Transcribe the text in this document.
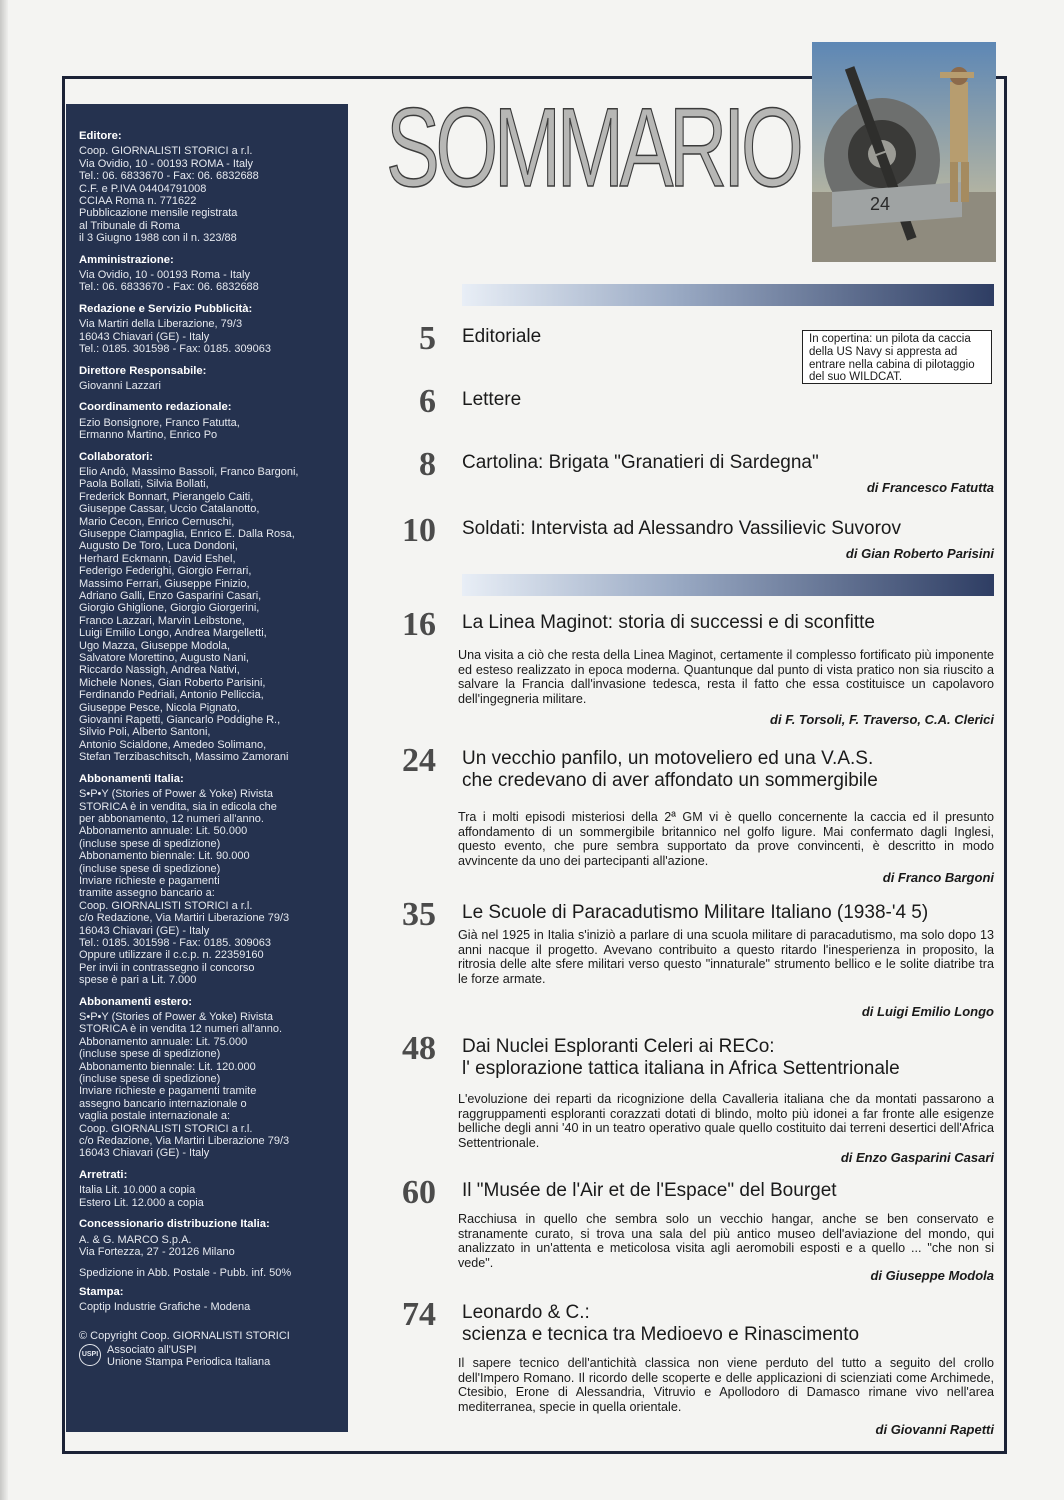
Editore:
Coop. GIORNALISTI STORICI a r.l.
Via Ovidio, 10 - 00193 ROMA - Italy
Tel.: 06. 6833670 - Fax: 06. 6832688
C.F. e P.IVA 04404791008
CCIAA Roma n. 771622
Pubblicazione mensile registrata
al Tribunale di Roma
il 3 Giugno 1988 con il n. 323/88
Amministrazione:
Via Ovidio, 10 - 00193 Roma - Italy
Tel.: 06. 6833670 - Fax: 06. 6832688
Redazione e Servizio Pubblicità:
Via Martiri della Liberazione, 79/3
16043 Chiavari (GE) - Italy
Tel.: 0185. 301598 - Fax: 0185. 309063
Direttore Responsabile:
Giovanni Lazzari
Coordinamento redazionale:
Ezio Bonsignore, Franco Fatutta,
Ermanno Martino, Enrico Po
Collaboratori:
Elio Andò, Massimo Bassoli, Franco Bargoni,
Paola Bollati, Silvia Bollati,
Frederick Bonnart, Pierangelo Caiti,
Giuseppe Cassar, Uccio Catalanotto,
Mario Cecon, Enrico Cernuschi,
Giuseppe Ciampaglia, Enrico E. Dalla Rosa,
Augusto De Toro, Luca Dondoni,
Herhard Eckmann, David Eshel,
Federigo Federighi, Giorgio Ferrari,
Massimo Ferrari, Giuseppe Finizio,
Adriano Galli, Enzo Gasparini Casari,
Giorgio Ghiglione, Giorgio Giorgerini,
Franco Lazzari, Marvin Leibstone,
Luigi Emilio Longo, Andrea Margelletti,
Ugo Mazza, Giuseppe Modola,
Salvatore Morettino, Augusto Nani,
Riccardo Nassigh, Andrea Nativi,
Michele Nones, Gian Roberto Parisini,
Ferdinando Pedriali, Antonio Pelliccia,
Giuseppe Pesce, Nicola Pignato,
Giovanni Rapetti, Giancarlo Poddighe R.,
Silvio Poli, Alberto Santoni,
Antonio Scialdone, Amedeo Solimano,
Stefan Terzibaschitsch, Massimo Zamorani
Abbonamenti Italia:
S•P•Y (Stories of Power & Yoke) Rivista
STORICA è in vendita, sia in edicola che
per abbonamento, 12 numeri all'anno.
Abbonamento annuale: Lit. 50.000
(incluse spese di spedizione)
Abbonamento biennale: Lit. 90.000
(incluse spese di spedizione)
Inviare richieste e pagamenti
tramite assegno bancario a:
Coop. GIORNALISTI STORICI a r.l.
c/o Redazione, Via Martiri Liberazione 79/3
16043 Chiavari (GE) - Italy
Tel.: 0185. 301598 - Fax: 0185. 309063
Oppure utilizzare il c.c.p. n. 22359160
Per invii in contrassegno il concorso
spese è pari a Lit. 7.000
Abbonamenti estero:
S•P•Y (Stories of Power & Yoke) Rivista
STORICA è in vendita 12 numeri all'anno.
Abbonamento annuale: Lit. 75.000
(incluse spese di spedizione)
Abbonamento biennale: Lit. 120.000
(incluse spese di spedizione)
Inviare richieste e pagamenti tramite
assegno bancario internazionale o
vaglia postale internazionale a:
Coop. GIORNALISTI STORICI a r.l.
c/o Redazione, Via Martiri Liberazione 79/3
16043 Chiavari (GE) - Italy
Arretrati:
Italia Lit. 10.000 a copia
Estero Lit. 12.000 a copia
Concessionario distribuzione Italia:
A. & G. MARCO S.p.A.
Via Fortezza, 27 - 20126 Milano
Spedizione in Abb. Postale - Pubb. inf. 50%
Stampa:
Coptip Industrie Grafiche - Modena
© Copyright Coop. GIORNALISTI STORICI
USPI Associato all'USPI
Unione Stampa Periodica Italiana
SOMMARIO	24
In copertina: un pilota da caccia della US Navy si appresta ad entrare nella cabina di pilotaggio del suo WILDCAT.
5 Editoriale
6 Lettere
8 Cartolina: Brigata "Granatieri di Sardegna"
di Francesco Fatutta
10 Soldati: Intervista ad Alessandro Vassilievic Suvorov
di Gian Roberto Parisini
16 La Linea Maginot: storia di successi e di sconfitte
Una visita a ciò che resta della Linea Maginot, certamente il complesso fortificato più imponente ed esteso realizzato in epoca moderna. Quantunque dal punto di vista pratico non sia riuscito a salvare la Francia dall'invasione tedesca, resta il fatto che essa costituisce un capolavoro dell'ingegneria militare.
di F. Torsoli, F. Traverso, C.A. Clerici
24 Un vecchio panfilo, un motoveliero ed una V.A.S.
che credevano di aver affondato un sommergibile
Tra i molti episodi misteriosi della 2ª GM vi è quello concernente la caccia ed il presunto affondamento di un sommergibile britannico nel golfo ligure. Mai confermato dagli Inglesi, questo evento, che pure sembra supportato da prove convincenti, è descritto in modo avvincente da uno dei partecipanti all'azione.
di Franco Bargoni
35 Le Scuole di Paracadutismo Militare Italiano (1938-'4 5)
Già nel 1925 in Italia s'iniziò a parlare di una scuola militare di paracadutismo, ma solo dopo 13 anni nacque il progetto. Avevano contribuito a questo ritardo l'inesperienza in proposito, la ritrosia delle alte sfere militari verso questo "innaturale" strumento bellico e le solite diatribe tra le forze armate.
di Luigi Emilio Longo
48 Dai Nuclei Esploranti Celeri ai RECo:
l' esplorazione tattica italiana in Africa Settentrionale
L'evoluzione dei reparti da ricognizione della Cavalleria italiana che da montati passarono a raggruppamenti esploranti corazzati dotati di blindo, molto più idonei a far fronte alle esigenze belliche degli anni '40 in un teatro operativo quale quello costituito dai terreni desertici dell'Africa Settentrionale.
di Enzo Gasparini Casari
60 Il "Musée de l'Air et de l'Espace" del Bourget
Racchiusa in quello che sembra solo un vecchio hangar, anche se ben conservato e stranamente curato, si trova una sala del più antico museo dell'aviazione del mondo, qui analizzato in un'attenta e meticolosa visita agli aeromobili esposti e a quello ... "che non si vede".
di Giuseppe Modola
74 Leonardo & C.:
scienza e tecnica tra Medioevo e Rinascimento
Il sapere tecnico dell'antichità classica non viene perduto del tutto a seguito del crollo dell'Impero Romano. Il ricordo delle scoperte e delle applicazioni di scienziati come Archimede, Ctesibio, Erone di Alessandria, Vitruvio e Apollodoro di Damasco rimane vivo nell'area mediterranea, specie in quella orientale.
di Giovanni Rapetti
